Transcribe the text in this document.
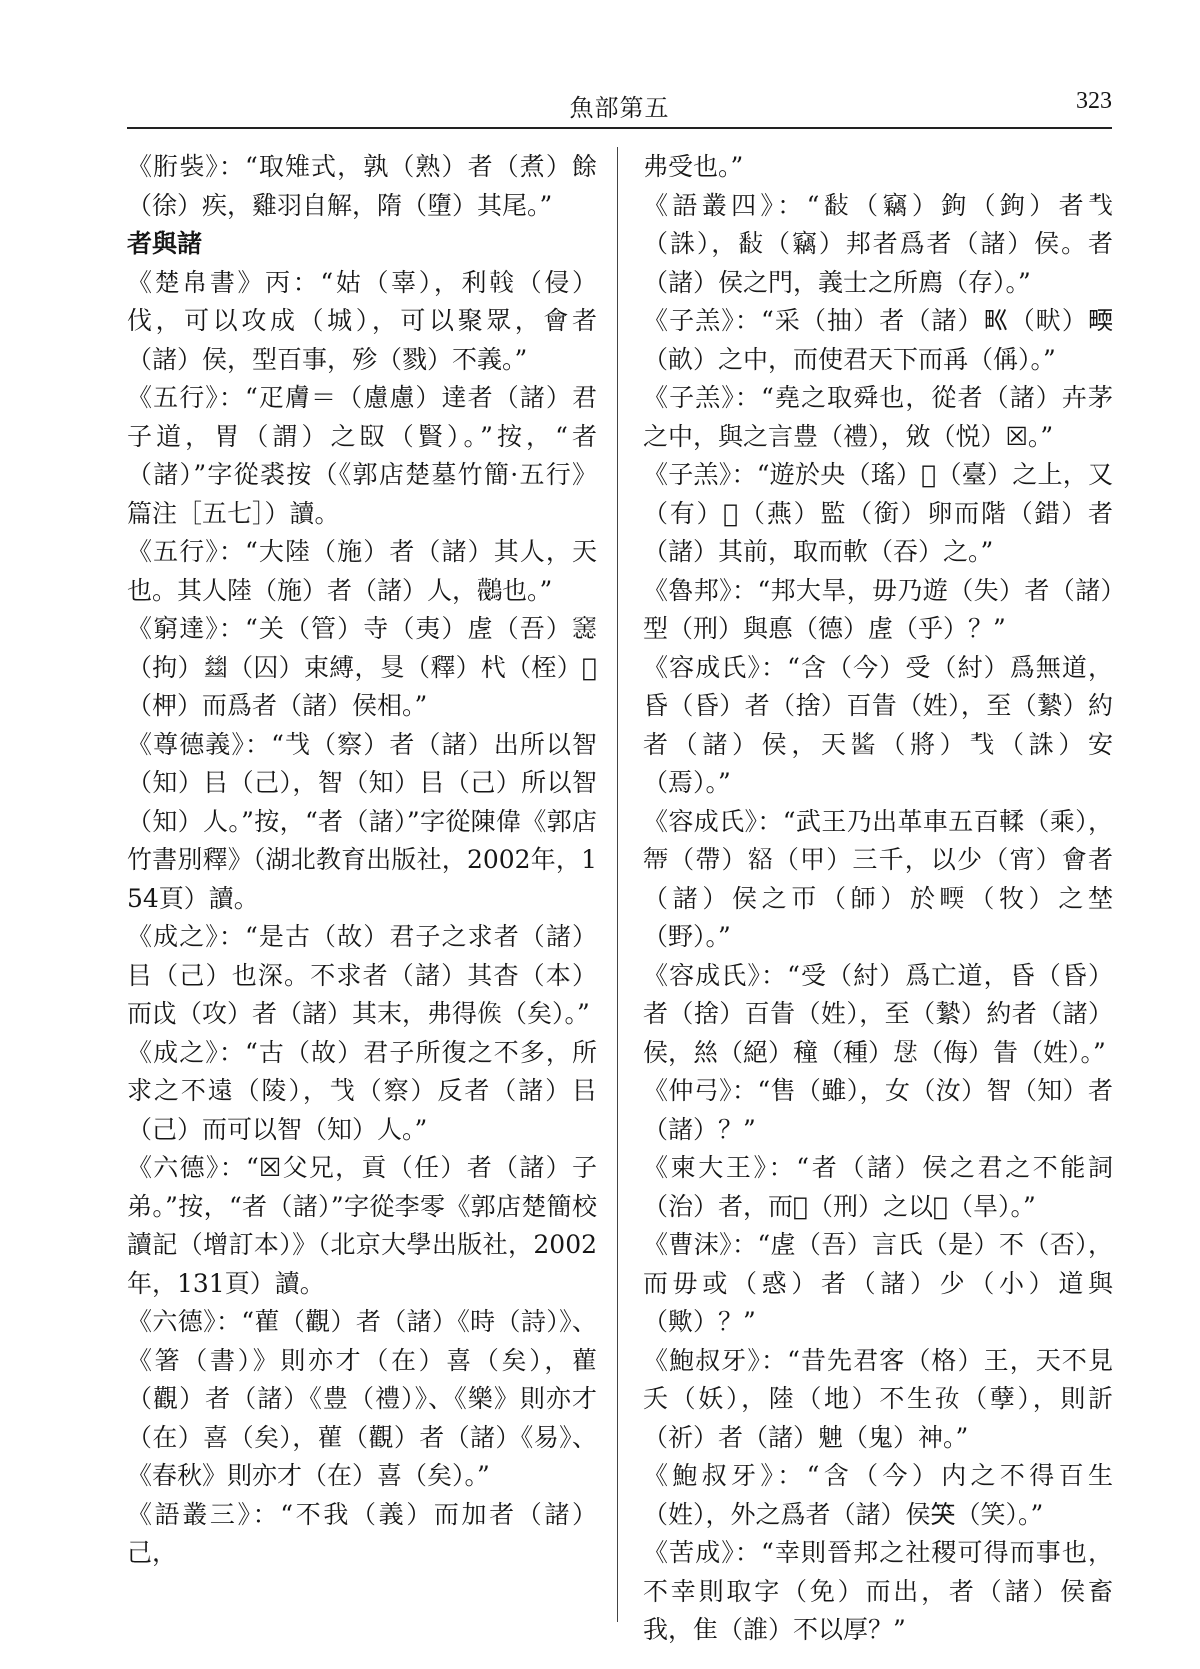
魚部第五	323

《胻𧙁》：“取雉式，孰（熟）者（煮）餘（徐）疾，雞羽自解，隋（墮）其尾。”

者與諸

《楚帛書》丙：“姑（辜），利𢧢（侵）伐，可以攻成（城），可以聚眾，會者（諸）侯，型百事，殄（戮）不義。”

《五行》：“疋膚＝（慮慮）達者（諸）君子道，胃（謂）之臤（賢）。”按，“者（諸）”字從裘按（《郭店楚墓竹簡·五行》篇注［五七］）讀。

《五行》：“大陸（施）者（諸）其人，天也。其人陸（施）者（諸）人，𪈛也。”

《窮達》：“关（管）寺（夷）虗（吾）𥨭（拘）𢇍（囚）束縛，𠭁（釋）杙（桎）𣞤（柙）而爲者（諸）侯相。”

《尊德義》：“𢦏（察）者（諸）出所以智（知）㠯（己），智（知）㠯（己）所以智（知）人。”按，“者（諸）”字從陳偉《郭店竹書別釋》（湖北教育出版社，2002年，154頁）讀。

《成之》：“是古（故）君子之求者（諸）㠯（己）也深。不求者（諸）其杳（本）而戉（攻）者（諸）其末，弗得𠊱（矣）。”

《成之》：“古（故）君子所復之不多，所求之不遠（陵），𢦏（察）反者（諸）㠯（己）而可以智（知）人。”

《六德》：“☒父兄，貢（任）者（諸）子弟。”按，“者（諸）”字從李零《郭店楚簡校讀記（增訂本）》（北京大學出版社，2002年，131頁）讀。

《六德》：“雚（觀）者（諸）《時（詩）》、《箸（書）》則亦才（在）喜（矣），雚（觀）者（諸）《豊（禮）》、《樂》則亦才（在）喜（矣），雚（觀）者（諸）《易》、《春秋》則亦才（在）喜（矣）。”

《語叢三》：“不我（義）而加者（諸）己，

弗受也。”

《語叢四》：“𢿥（竊）鉤（鉤）者𢦒（誅），𢿥（竊）邦者爲者（諸）侯。者（諸）侯之門，義士之所廌（存）。”

《子羔》：“采（抽）者（諸）𤰕（畎）𤲬（畝）之中，而使君天下而爯（偁）。”

《子羔》：“堯之取舜也，從者（諸）卉茅之中，與之言豊（禮），敓（悦）☒。”

《子羔》：“遊於央（瑤）𡍇（臺）之上，又（有）𪆳（燕）監（銜）卵而階（錯）者（諸）其前，取而軟（吞）之。”

《魯邦》：“邦大旱，毋乃遊（失）者（諸）型（刑）與悳（德）虗（乎）？”

《容成氏》：“含（今）受（紂）爲無道，昏（昏）者（捨）百眚（姓），至（縶）約者（諸）侯，天𨡓（將）𢦒（誅）安（焉）。”

《容成氏》：“武王乃出革車五百輮（乘），𢄔（帶）𡪞（甲）三千，以少（宵）會者（諸）侯之帀（師）於𤲬（牧）之埜（野）。”

《容成氏》：“受（紂）爲亡道，昏（昏）者（捨）百眚（姓），至（縶）約者（諸）侯，𢇁（絕）穜（種）𢘓（侮）眚（姓）。”

《仲弓》：“售（雖），女（汝）智（知）者（諸）？”

《柬大王》：“者（諸）侯之君之不能詞（治）者，而𦋎（刑）之以𣆟（旱）。”

《曹沫》：“虗（吾）言氏（是）不（否），而毋或（惑）者（諸）少（小）道與（歟）？”

《鮑叔牙》：“昔先君客（格）王，天不見夭（妖），陸（地）不生𡥃（孽），則訢（祈）者（諸）䰠（鬼）神。”

《鮑叔牙》：“含（今）内之不得百生（姓），外之爲者（諸）侯𥬇（笑）。”

《苦成》：“幸則晉邦之社稷可得而事也，不幸則取字（免）而出，者（諸）侯畜我，隹（誰）不以厚？”
